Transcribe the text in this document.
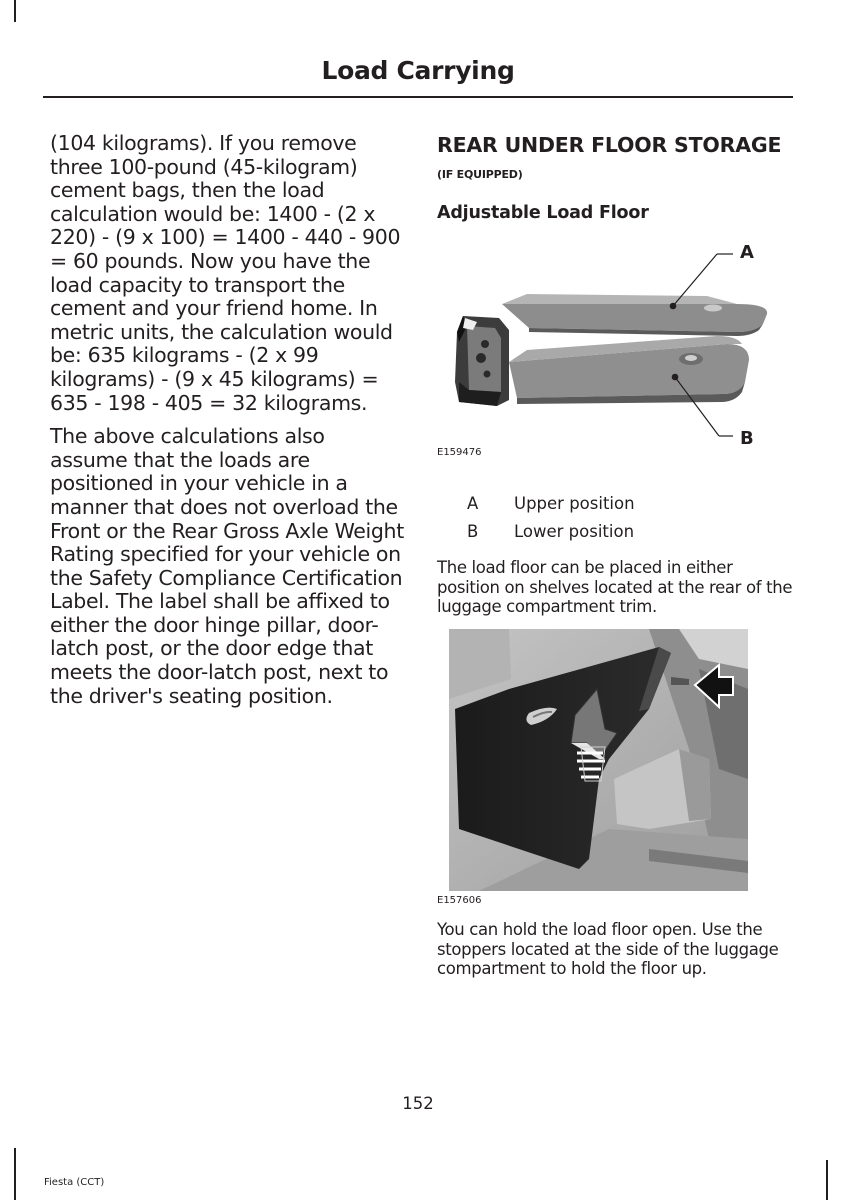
Load Carrying

(104 kilograms). If you remove three 100-pound (45-kilogram) cement bags, then the load calculation would be: 1400 - (2 x 220) - (9 x 100) = 1400 - 440 - 900 = 60 pounds. Now you have the load capacity to transport the cement and your friend home. In metric units, the calculation would be: 635 kilograms - (2 x 99 kilograms) - (9 x 45 kilograms) = 635 - 198 - 405 = 32 kilograms.

The above calculations also assume that the loads are positioned in your vehicle in a manner that does not overload the Front or the Rear Gross Axle Weight Rating specified for your vehicle on the Safety Compliance Certification Label. The label shall be affixed to either the door hinge pillar, door-latch post, or the door edge that meets the door-latch post, next to the driver's seating position.

REAR UNDER FLOOR STORAGE (IF EQUIPPED)
Adjustable Load Floor
A
B
E159476
A Upper position
B Lower position

The load floor can be placed in either position on shelves located at the rear of the luggage compartment trim.

E157606

You can hold the load floor open. Use the stoppers located at the side of the luggage compartment to hold the floor up.

152
Fiesta (CCT)
